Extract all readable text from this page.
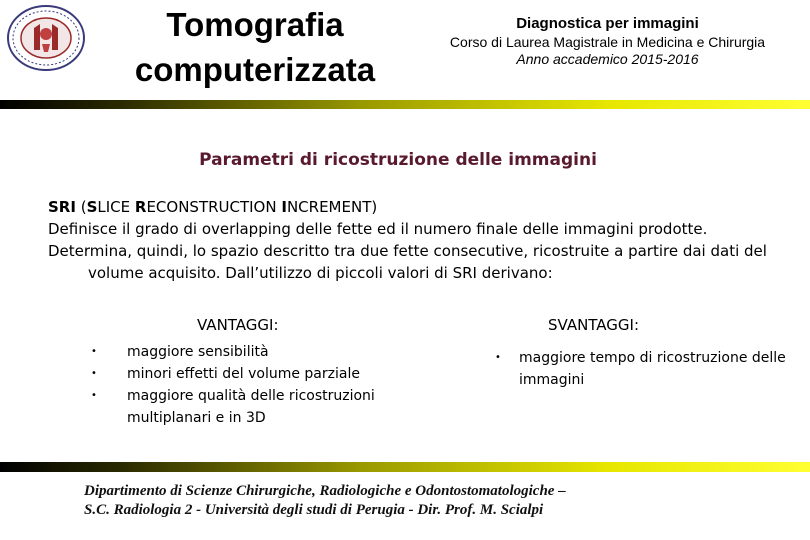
Tomografia
computerizzata
Diagnostica per immagini
Corso di Laurea Magistrale in Medicina e Chirurgia
Anno accademico 2015-2016
Parametri di ricostruzione delle immagini

SRI (SLICE RECONSTRUCTION INCREMENT)

Definisce il grado di overlapping delle fette ed il numero finale delle immagini prodotte.

Determina, quindi, lo spazio descritto tra due fette consecutive, ricostruite a partire dai dati del volume acquisito. Dall’utilizzo di piccoli valori di SRI derivano:

VANTAGGI:	SVANTAGGI:
• maggiore sensibilità
• minori effetti del volume parziale
• maggiore qualità delle ricostruzioni multiplanari e in 3D
• maggiore tempo di ricostruzione delle immagini
Dipartimento di Scienze Chirurgiche, Radiologiche e Odontostomatologiche –
S.C. Radiologia 2 - Università degli studi di Perugia - Dir. Prof. M. Scialpi
